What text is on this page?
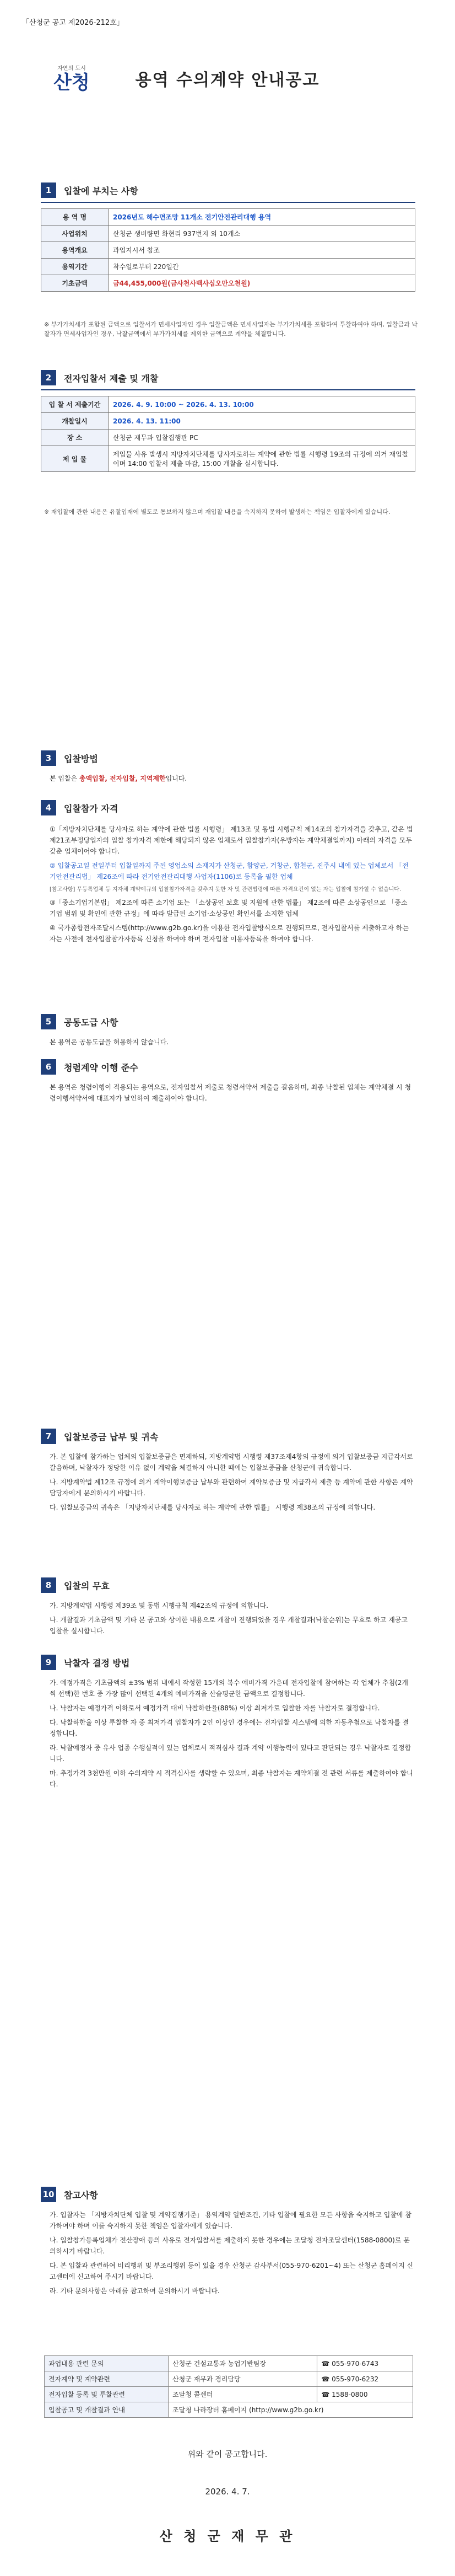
「산청군 공고 제2026-212호」
자연의 도시
산청	용역 수의계약 안내공고
1	입찰에 부치는 사항
용 역 명	2026년도 해수면조망 11개소 전기안전관리대행 용역
사업위치	산청군 생비량면 화현리 937번지 외 10개소
용역개요	과업지시서 참조
용역기간	착수일로부터 220일간
기초금액	금44,455,000원(금사천사백사십오만오천원)
※ 부가가치세가 포함된 금액으로 입찰서가 면세사업자인 경우 입찰금액은 면세사업자는 부가가치세를 포함하여 투찰하여야 하며, 입찰금과 낙찰자가 면세사업자인 경우, 낙찰금액에서 부가가치세를 제외한 금액으로 계약을 체결합니다.
2	전자입찰서 제출 및 개찰
입 찰 서 제출기간	2026. 4. 9. 10:00 ~ 2026. 4. 13. 10:00
개찰일시	2026. 4. 13. 11:00
장 소	산청군 재무과 입찰집행관 PC
제 입 물	제입물 사유 발생시 지방자치단체를 당사자로하는 계약에 관한 법률 시행령 19조의 규정에 의거 재입찰이며 14:00 입찰서 제출 마감, 15:00 개찰을 실시합니다.
※ 재입찰에 관한 내용은 유찰입재에 별도로 통보하지 않으며 재입찰 내용을 숙지하지 못하여 발생하는 책임은 입찰자에게 있습니다.
3	입찰방법
본 입찰은 총액입찰, 전자입찰, 지역제한입니다.
4	입찰참가 자격
①「지방자치단체를 당사자로 하는 계약에 관한 법률 시행령」 제13조 및 동법 시행규칙 제14조의 참가자격을 갖추고, 같은 법 제21조부정당업자의 입찰 참가자격 제한에 해당되지 않은 업체로서 입찰참가자(우방자는 계약체결일까지) 아래의 자격을 모두 갖춘 업체이어야 합니다.
② 입찰공고일 전일부터 입찰일까지 주된 영업소의 소재지가 산청군, 함양군, 거창군, 합천군, 진주시 내에 있는 업체로서 「전기안전관리법」 제26조에 따라 전기안전관리대행 사업자(1106)로 등록을 필한 업체
[참고사항] 무등록업체 등 지자체 계약예규의 입찰참가자격을 갖추지 못한 자 및 관련법령에 따른 자격요건이 없는 자는 입찰에 참가할 수 없습니다.
③「중소기업기본법」 제2조에 따른 소기업 또는 「소상공인 보호 및 지원에 관한 법률」 제2조에 따른 소상공인으로 「중소기업 범위 및 확인에 관한 규정」에 따라 발급된 소기업·소상공인 확인서를 소지한 업체
④ 국가종합전자조달시스템(http://www.g2b.go.kr)을 이용한 전자입찰방식으로 진행되므로, 전자입찰서를 제출하고자 하는 자는 사전에 전자입찰참가자등록 신청을 하여야 하며 전자입찰 이용자등록을 하여야 합니다.
5	공동도급 사항
본 용역은 공동도급을 허용하지 않습니다.
6	청렴계약 이행 준수
본 용역은 청렴이행이 적용되는 용역으로, 전자입찰서 제출로 청렴서약서 제출을 갈음하며, 최종 낙찰된 업체는 계약체결 시 청렴이행서약서에 대표자가 날인하여 제출하여야 합니다.
7	입찰보증금 납부 및 귀속
가. 본 입찰에 참가하는 업체의 입찰보증금은 면제하되, 지방계약법 시행령 제37조제4항의 규정에 의거 입찰보증금 지급각서로 갈음하며, 낙찰자가 정당한 이유 없이 계약을 체결하지 아니한 때에는 입찰보증금을 산청군에 귀속합니다.
나. 지방계약법 제12조 규정에 의거 계약이행보증금 납부와 관련하여 계약보증금 및 지급각서 제출 등 계약에 관한 사항은 계약담당자에게 문의하시기 바랍니다.
다. 입찰보증금의 귀속은 「지방자치단체를 당사자로 하는 계약에 관한 법률」 시행령 제38조의 규정에 의합니다.
8	입찰의 무효
가. 지방계약법 시행령 제39조 및 동법 시행규칙 제42조의 규정에 의합니다.
나. 개찰결과 기초금액 및 기타 본 공고와 상이한 내용으로 개찰이 진행되었을 경우 개찰결과(낙찰순위)는 무효로 하고 재공고 입찰을 실시합니다.
9	낙찰자 결정 방법
가. 예정가격은 기초금액의 ±3% 범위 내에서 작성한 15개의 복수 예비가격 가운데 전자입찰에 참여하는 각 업체가 추첨(2개씩 선택)한 번호 중 가장 많이 선택된 4개의 예비가격을 산술평균한 금액으로 결정합니다.
나. 낙찰자는 예정가격 이하로서 예정가격 대비 낙찰하한율(88%) 이상 최저가로 입찰한 자를 낙찰자로 결정합니다.
다. 낙찰하한율 이상 투찰한 자 중 최저가격 입찰자가 2인 이상인 경우에는 전자입찰 시스템에 의한 자동추첨으로 낙찰자를 결정합니다.
라. 낙찰예정자 중 유사 업종 수행실적이 있는 업체로서 적격심사 결과 계약 이행능력이 있다고 판단되는 경우 낙찰자로 결정합니다.
마. 추정가격 3천만원 이하 수의계약 시 적격심사를 생략할 수 있으며, 최종 낙찰자는 계약체결 전 관련 서류를 제출하여야 합니다.
10 참고사항
가. 입찰자는 「지방자치단체 입찰 및 계약집행기준」 용역계약 일반조건, 기타 입찰에 필요한 모든 사항을 숙지하고 입찰에 참가하여야 하며 이를 숙지하지 못한 책임은 입찰자에게 있습니다.
나. 입찰참가등록업체가 전산장애 등의 사유로 전자입찰서를 제출하지 못한 경우에는 조달청 전자조달센터(1588-0800)로 문의하시기 바랍니다.
다. 본 입찰과 관련하여 비리행위 및 부조리행위 등이 있을 경우 산청군 감사부서(055-970-6201~4) 또는 산청군 홈페이지 신고센터에 신고하여 주시기 바랍니다.
라. 기타 문의사항은 아래를 참고하여 문의하시기 바랍니다.
과업내용 관련 문의	산청군 건설교통과 농업기반팀장	☎ 055-970-6743
전자계약 및 계약관련	산청군 재무과 경리담당	☎ 055-970-6232
전자입찰 등록 및 투찰관련	조달청 콜센터	☎ 1588-0800
입찰공고 및 개찰결과 안내	조달청 나라장터 홈페이지 (http://www.g2b.go.kr)	
위와 같이 공고합니다.
2026. 4. 7.
산 청 군 재 무 관
